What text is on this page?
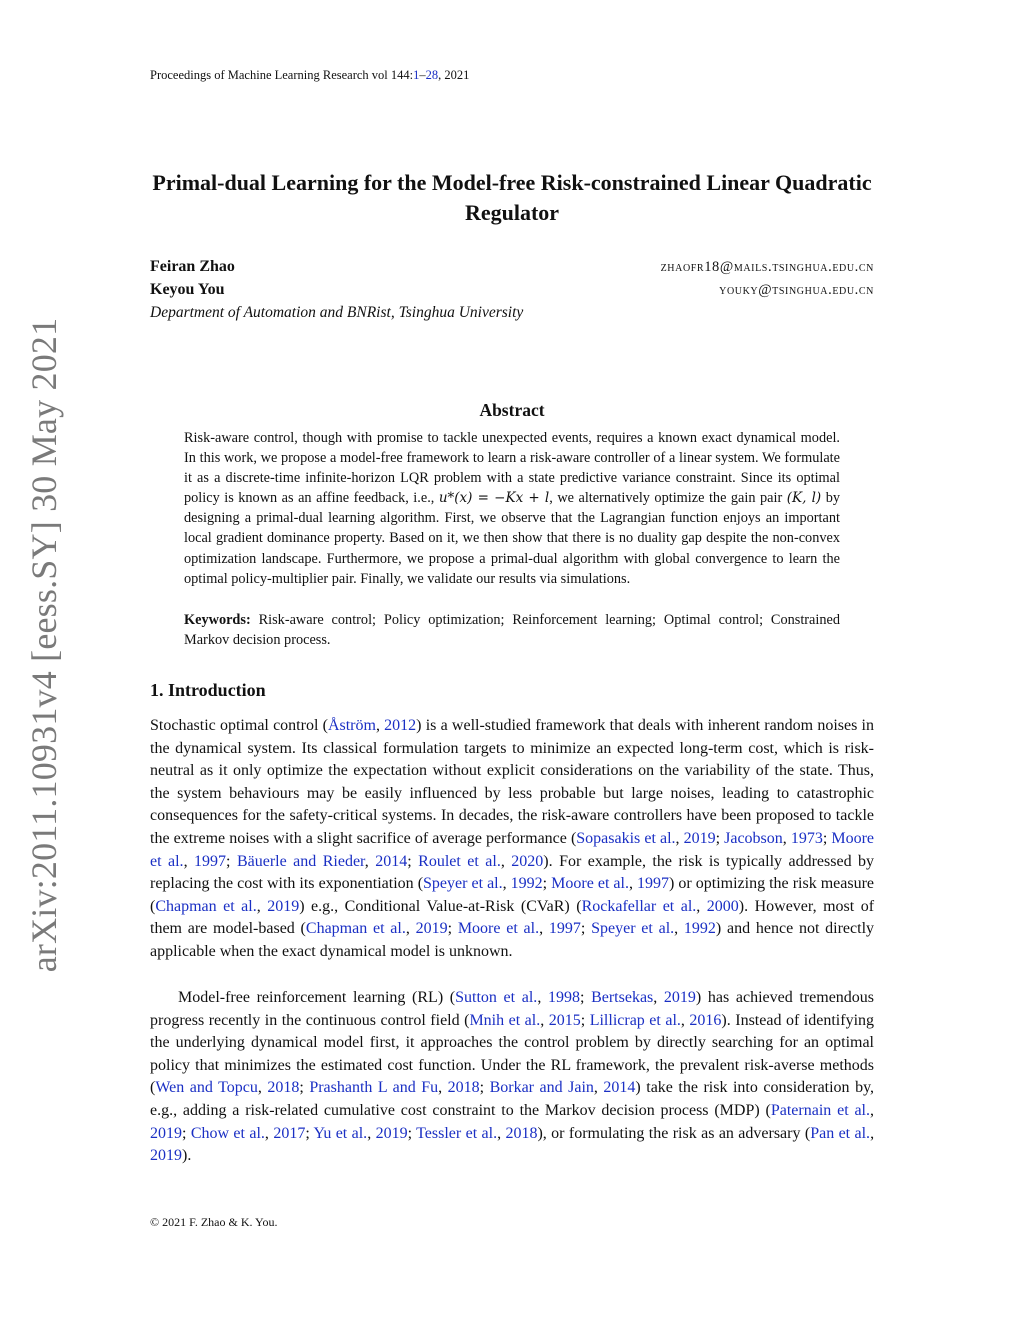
arXiv:2011.10931v4 [eess.SY] 30 May 2021
Proceedings of Machine Learning Research vol 144:1–28, 2021
Primal-dual Learning for the Model-free Risk-constrained Linear Quadratic Regulator
Feiran Zhao	zhaofr18@mails.tsinghua.edu.cn
Keyou You	youky@tsinghua.edu.cn
Department of Automation and BNRist, Tsinghua University
Abstract
Risk-aware control, though with promise to tackle unexpected events, requires a known exact dynamical model. In this work, we propose a model-free framework to learn a risk-aware controller of a linear system. We formulate it as a discrete-time infinite-horizon LQR problem with a state predictive variance constraint. Since its optimal policy is known as an affine feedback, i.e., u*(x) = −Kx + l, we alternatively optimize the gain pair (K, l) by designing a primal-dual learning algorithm. First, we observe that the Lagrangian function enjoys an important local gradient dominance property. Based on it, we then show that there is no duality gap despite the non-convex optimization landscape. Furthermore, we propose a primal-dual algorithm with global convergence to learn the optimal policy-multiplier pair. Finally, we validate our results via simulations.
Keywords: Risk-aware control; Policy optimization; Reinforcement learning; Optimal control; Constrained Markov decision process.
1. Introduction

Stochastic optimal control (Åström, 2012) is a well-studied framework that deals with inherent random noises in the dynamical system. Its classical formulation targets to minimize an expected long-term cost, which is risk-neutral as it only optimize the expectation without explicit considerations on the variability of the state. Thus, the system behaviours may be easily influenced by less probable but large noises, leading to catastrophic consequences for the safety-critical systems. In decades, the risk-aware controllers have been proposed to tackle the extreme noises with a slight sacrifice of average performance (Sopasakis et al., 2019; Jacobson, 1973; Moore et al., 1997; Bäuerle and Rieder, 2014; Roulet et al., 2020). For example, the risk is typically addressed by replacing the cost with its exponentiation (Speyer et al., 1992; Moore et al., 1997) or optimizing the risk measure (Chapman et al., 2019) e.g., Conditional Value-at-Risk (CVaR) (Rockafellar et al., 2000). However, most of them are model-based (Chapman et al., 2019; Moore et al., 1997; Speyer et al., 1992) and hence not directly applicable when the exact dynamical model is unknown.

Model-free reinforcement learning (RL) (Sutton et al., 1998; Bertsekas, 2019) has achieved tremendous progress recently in the continuous control field (Mnih et al., 2015; Lillicrap et al., 2016). Instead of identifying the underlying dynamical model first, it approaches the control problem by directly searching for an optimal policy that minimizes the estimated cost function. Under the RL framework, the prevalent risk-averse methods (Wen and Topcu, 2018; Prashanth L and Fu, 2018; Borkar and Jain, 2014) take the risk into consideration by, e.g., adding a risk-related cumulative cost constraint to the Markov decision process (MDP) (Paternain et al., 2019; Chow et al., 2017; Yu et al., 2019; Tessler et al., 2018), or formulating the risk as an adversary (Pan et al., 2019).

© 2021 F. Zhao & K. You.
